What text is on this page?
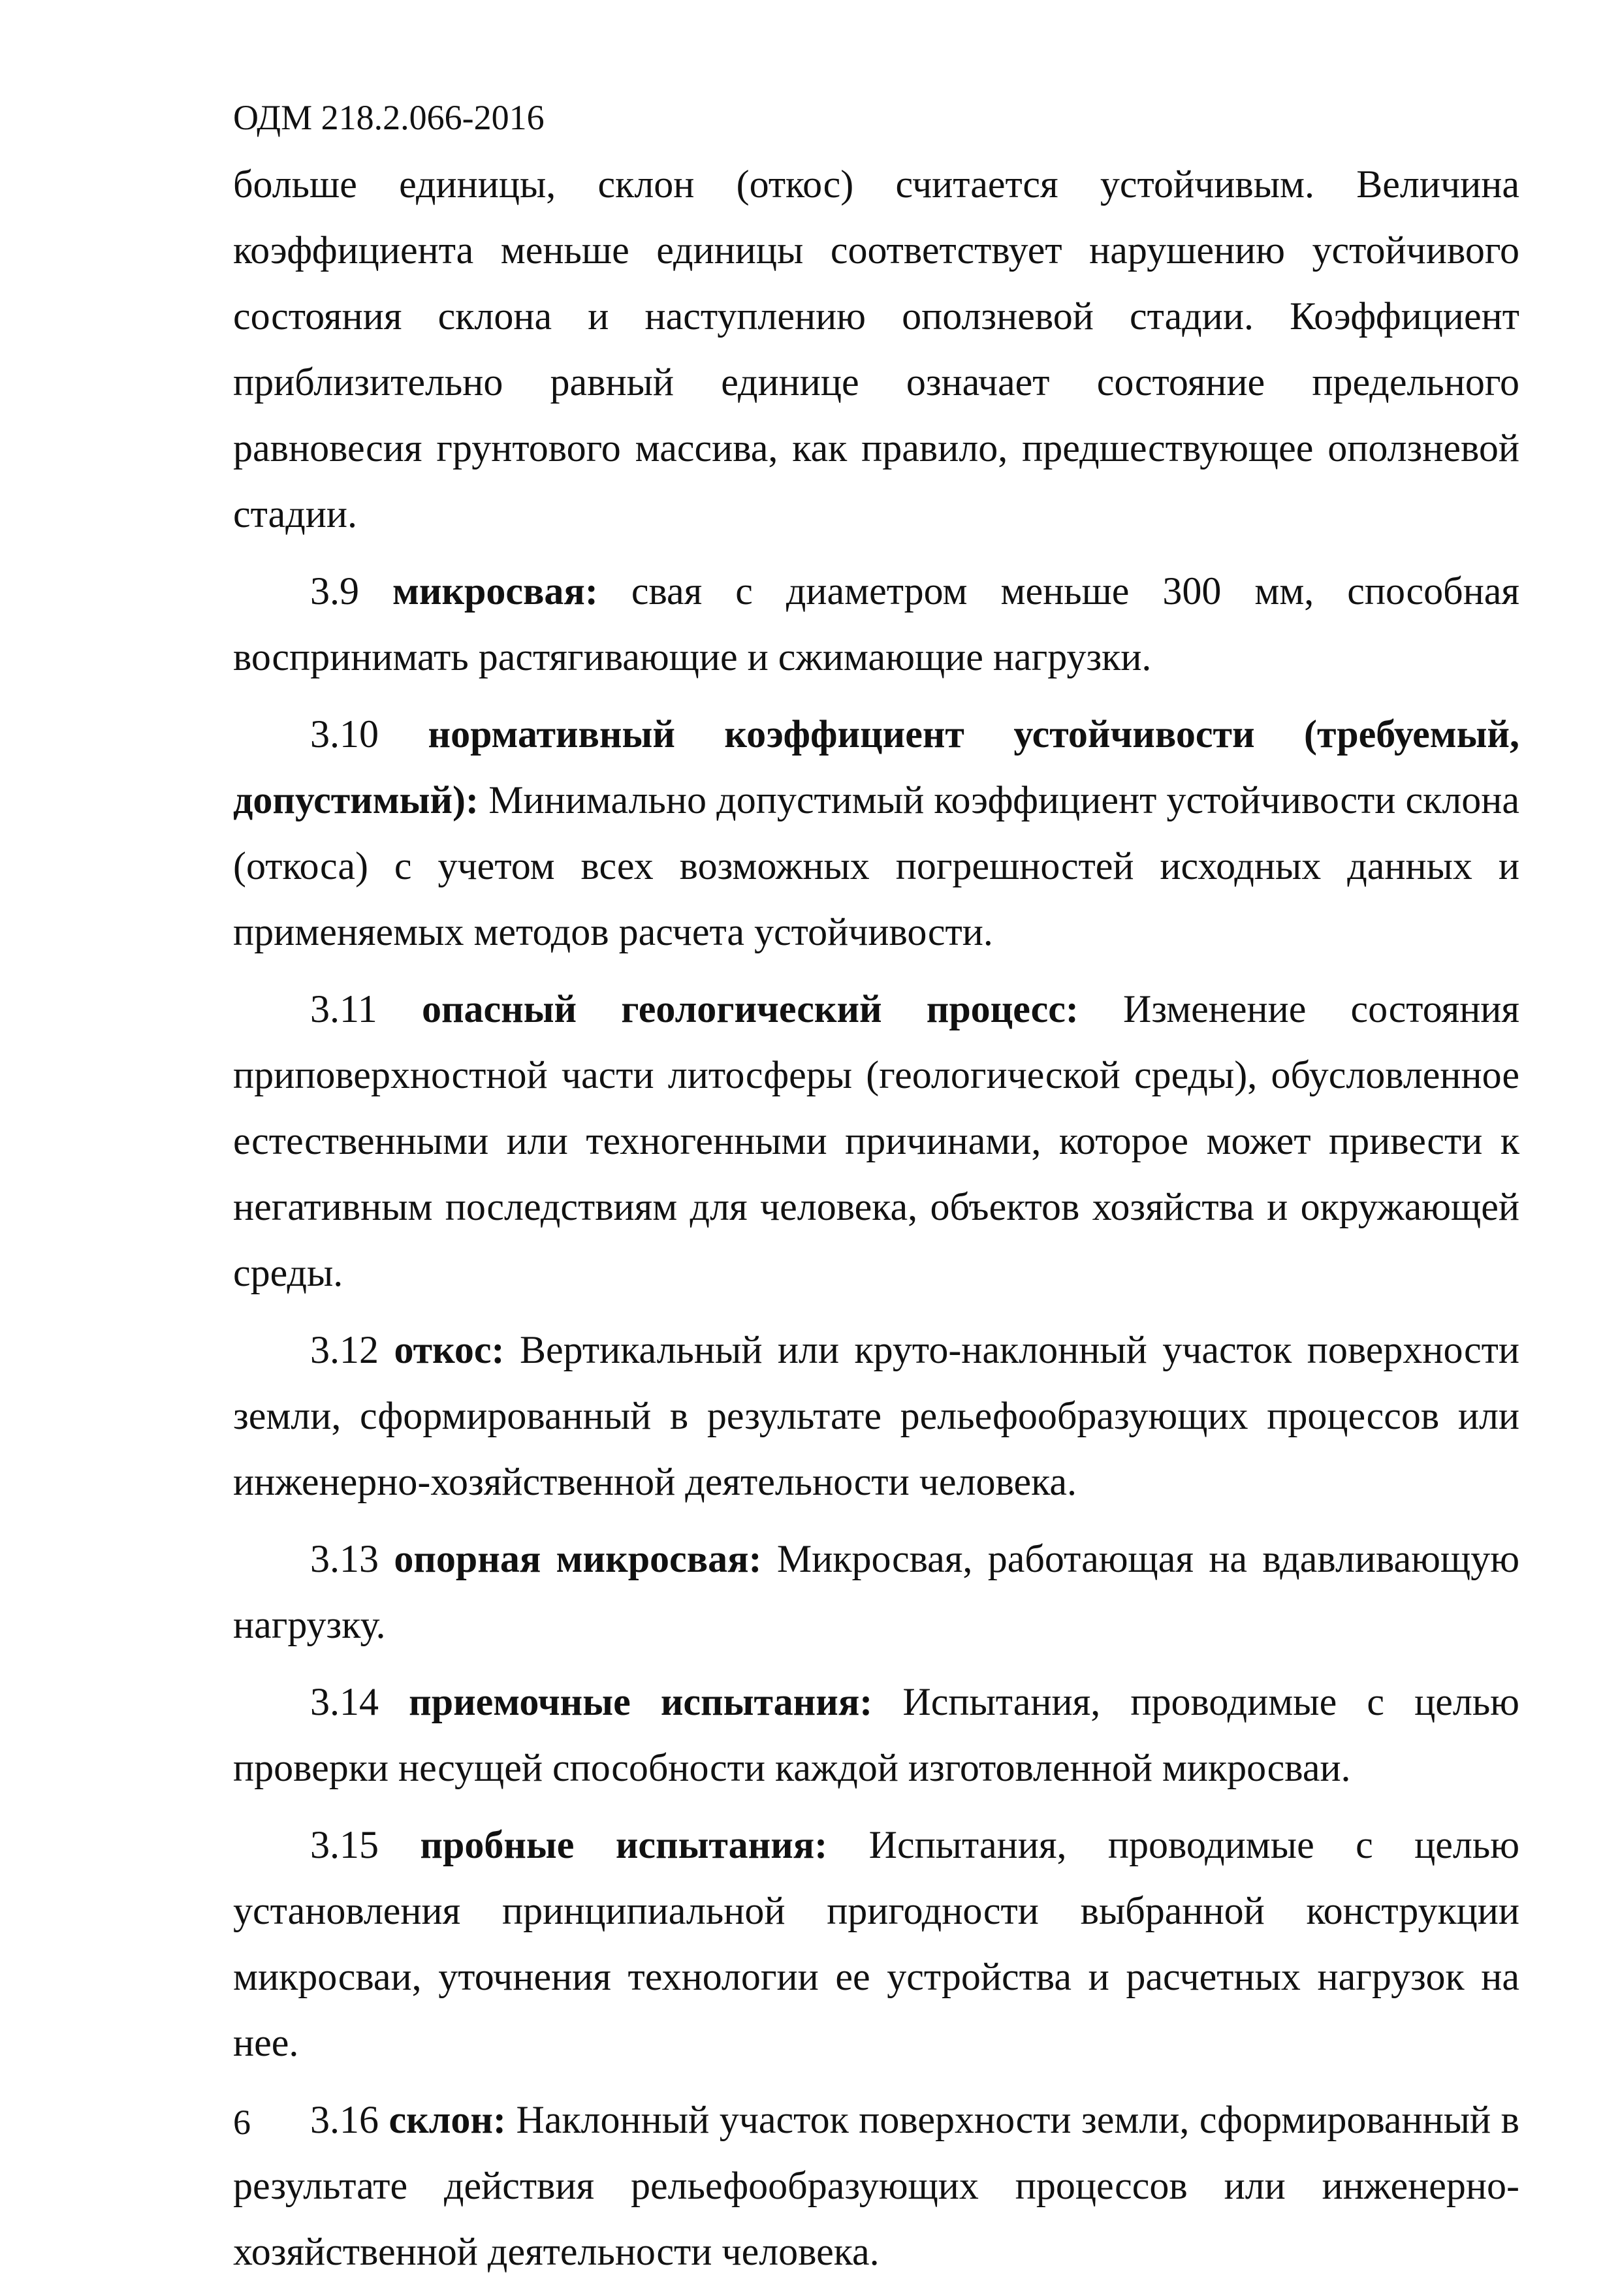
ОДМ 218.2.066-2016

больше единицы, склон (откос) считается устойчивым. Величина коэффициента меньше единицы соответствует нарушению устойчивого состояния склона и наступлению оползневой стадии. Коэффициент приблизительно равный единице означает состояние предельного равновесия грунтового массива, как правило, предшествующее оползневой стадии.

3.9 микросвая: свая с диаметром меньше 300 мм, способная воспринимать растягивающие и сжимающие нагрузки.

3.10 нормативный коэффициент устойчивости (требуемый, допустимый): Минимально допустимый коэффициент устойчивости склона (откоса) с учетом всех возможных погрешностей исходных данных и применяемых методов расчета устойчивости.

3.11 опасный геологический процесс: Изменение состояния приповерхностной части литосферы (геологической среды), обусловленное естественными или техногенными причинами, которое может привести к негативным последствиям для человека, объектов хозяйства и окружающей среды.

3.12 откос: Вертикальный или круто-наклонный участок поверхности земли, сформированный в результате рельефообразующих процессов или инженерно-хозяйственной деятельности человека.

3.13 опорная микросвая: Микросвая, работающая на вдавливающую нагрузку.

3.14 приемочные испытания: Испытания, проводимые с целью проверки несущей способности каждой изготовленной микросваи.

3.15 пробные испытания: Испытания, проводимые с целью установления принципиальной пригодности выбранной конструкции микросваи, уточнения технологии ее устройства и расчетных нагрузок на нее.

3.16 склон: Наклонный участок поверхности земли, сформированный в результате действия рельефообразующих процессов или инженерно-хозяйственной деятельности человека.

6
